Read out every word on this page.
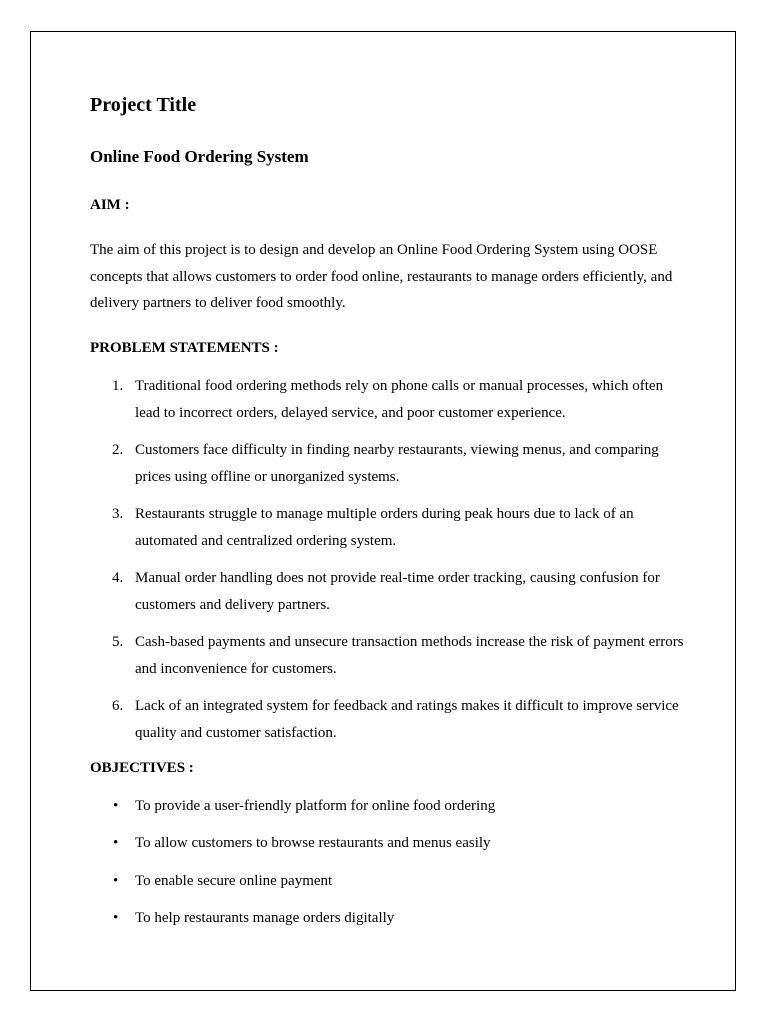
Project Title
Online Food Ordering System
AIM :

The aim of this project is to design and develop an Online Food Ordering System using OOSE concepts that allows customers to order food online, restaurants to manage orders efficiently, and delivery partners to deliver food smoothly.

PROBLEM STATEMENTS :
1. Traditional food ordering methods rely on phone calls or manual processes, which often lead to incorrect orders, delayed service, and poor customer experience.
2. Customers face difficulty in finding nearby restaurants, viewing menus, and comparing prices using offline or unorganized systems.
3. Restaurants struggle to manage multiple orders during peak hours due to lack of an automated and centralized ordering system.
4. Manual order handling does not provide real-time order tracking, causing confusion for customers and delivery partners.
5. Cash-based payments and unsecure transaction methods increase the risk of payment errors and inconvenience for customers.
6. Lack of an integrated system for feedback and ratings makes it difficult to improve service quality and customer satisfaction.
OBJECTIVES :
• To provide a user-friendly platform for online food ordering
• To allow customers to browse restaurants and menus easily
• To enable secure online payment
• To help restaurants manage orders digitally
